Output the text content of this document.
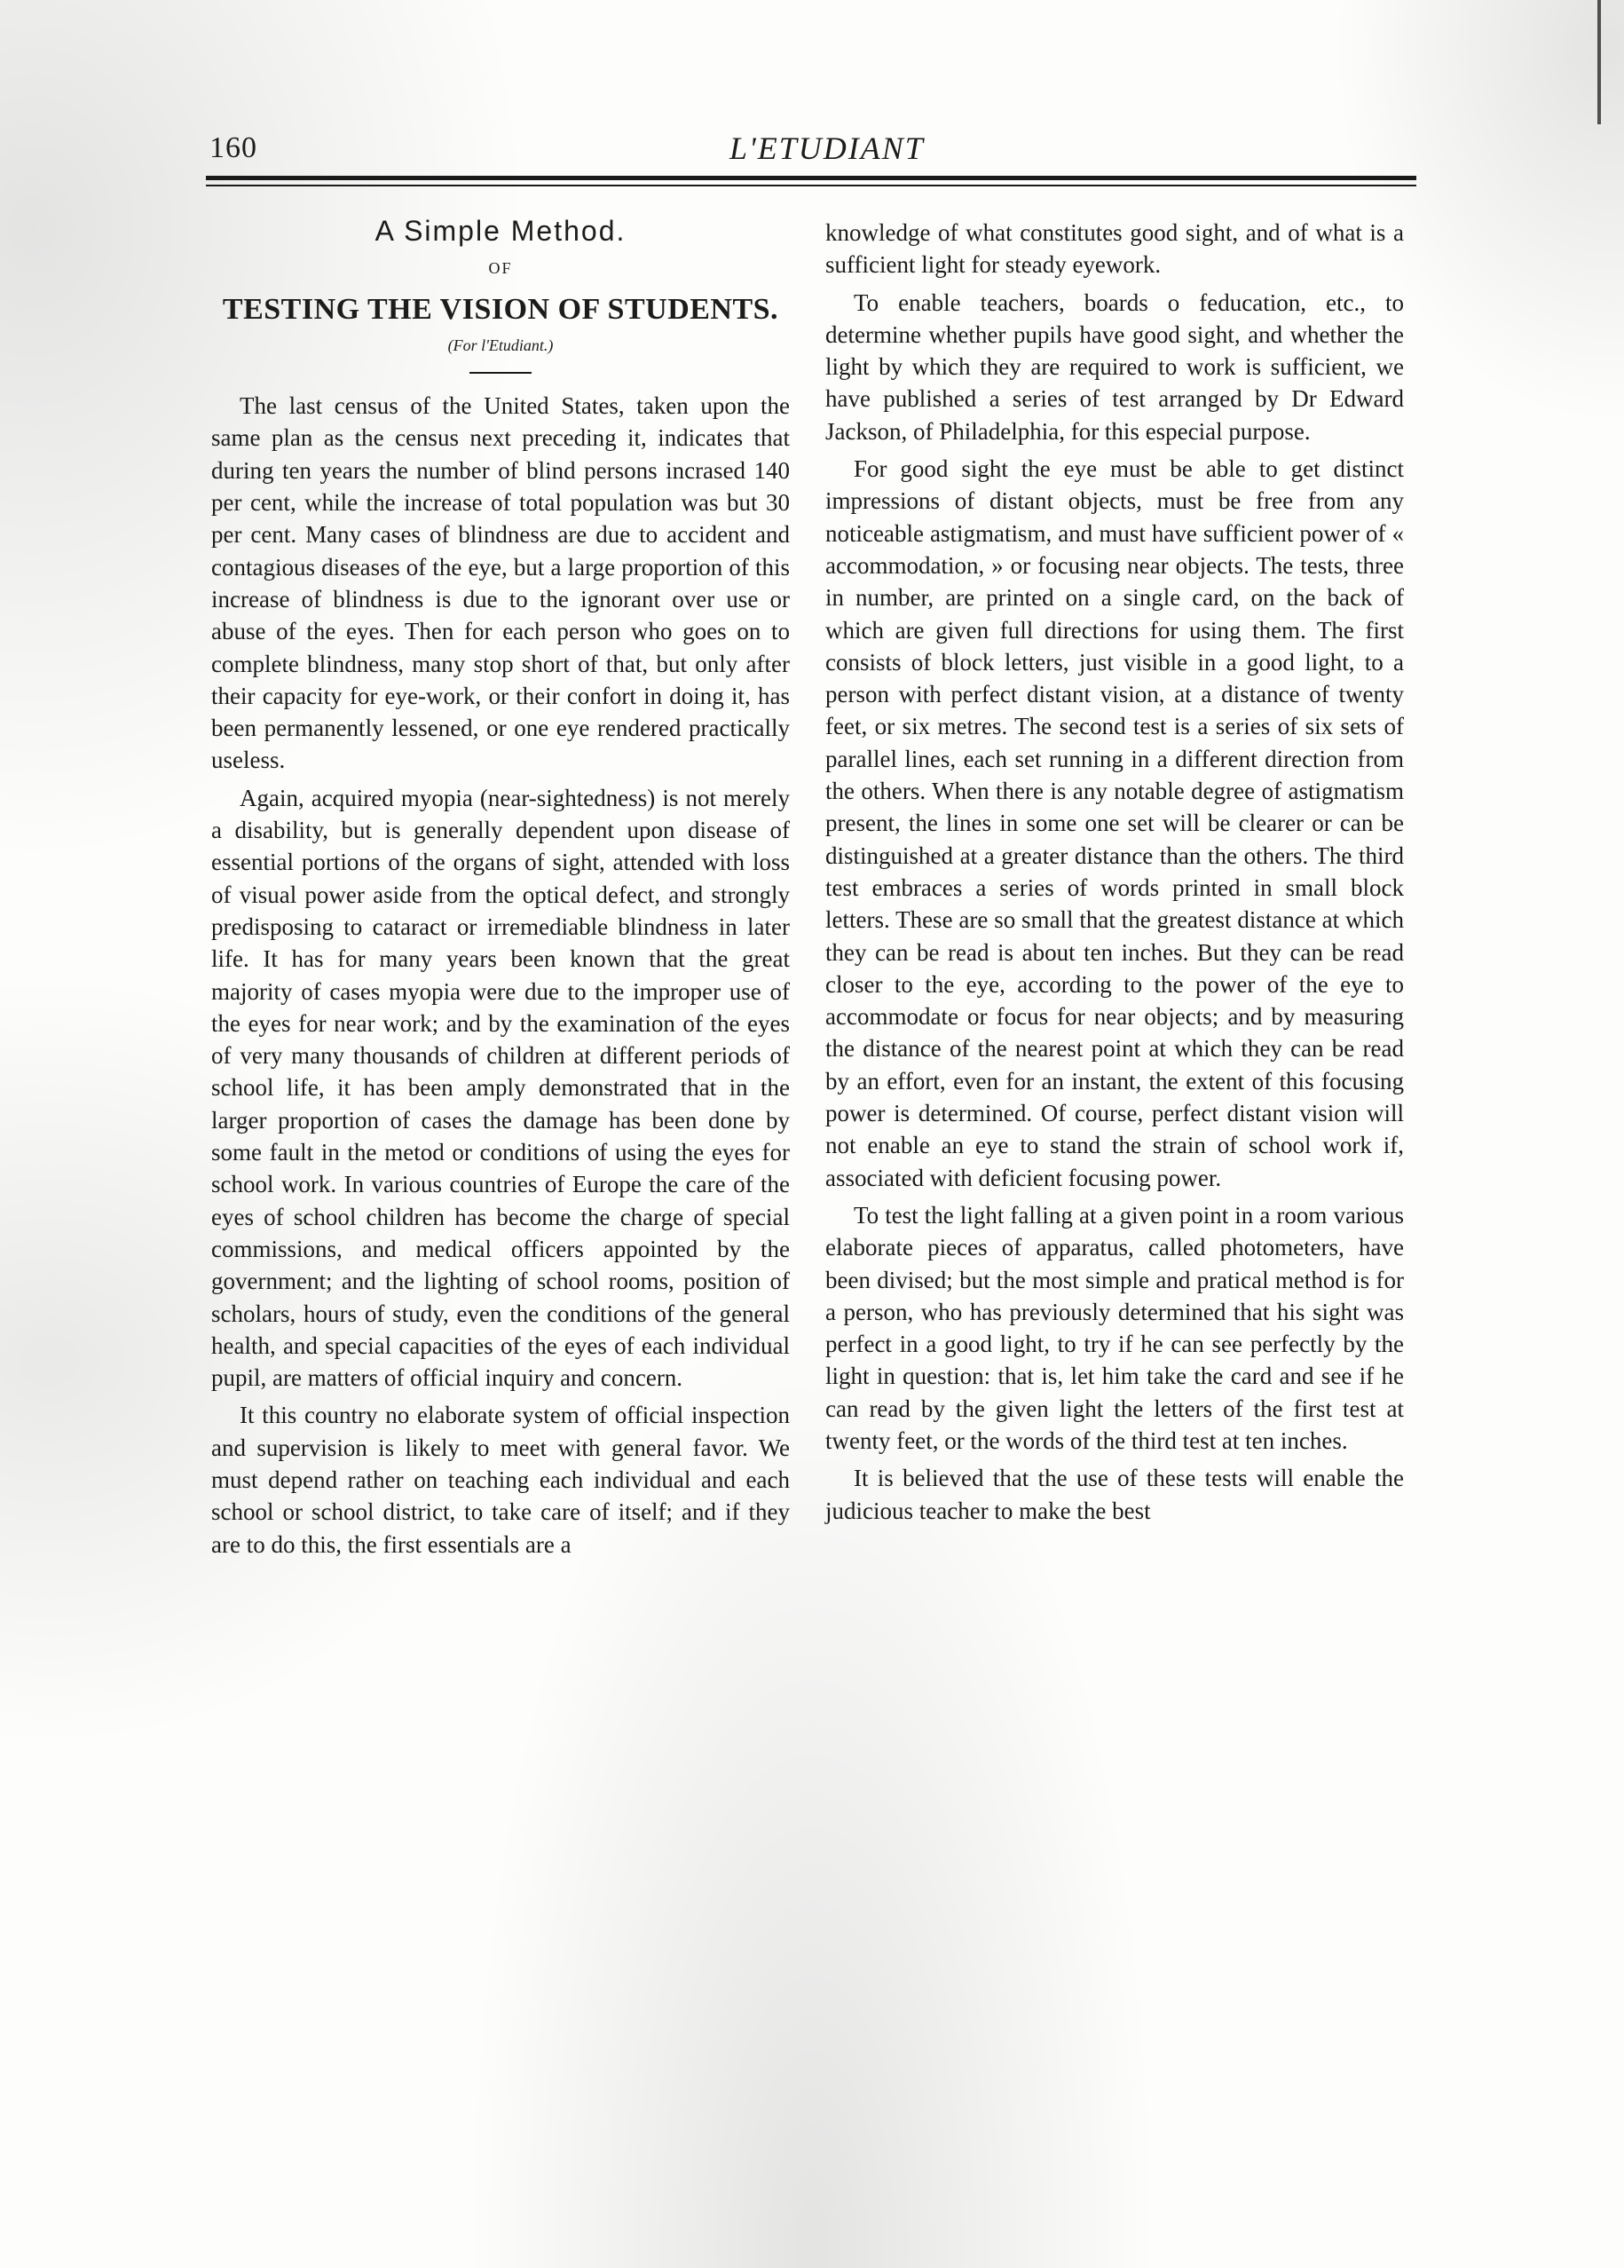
160	L'ETUDIANT
A Simple Method.
OF
TESTING THE VISION OF STUDENTS.
(For l'Etudiant.)

The last census of the United States, taken upon the same plan as the census next preceding it, indicates that during ten years the number of blind persons incrased 140 per cent, while the increase of total population was but 30 per cent. Many cases of blindness are due to accident and contagious diseases of the eye, but a large proportion of this increase of blindness is due to the ignorant over use or abuse of the eyes. Then for each person who goes on to complete blindness, many stop short of that, but only after their capacity for eye-work, or their confort in doing it, has been permanently lessened, or one eye rendered practically useless.

Again, acquired myopia (near-sightedness) is not merely a disability, but is generally dependent upon disease of essential portions of the organs of sight, attended with loss of visual power aside from the optical defect, and strongly predisposing to cataract or irremediable blindness in later life. It has for many years been known that the great majority of cases myopia were due to the improper use of the eyes for near work; and by the examination of the eyes of very many thousands of children at different periods of school life, it has been amply demonstrated that in the larger proportion of cases the damage has been done by some fault in the metod or conditions of using the eyes for school work. In various countries of Europe the care of the eyes of school children has become the charge of special commissions, and medical officers appointed by the government; and the lighting of school rooms, position of scholars, hours of study, even the conditions of the general health, and special capacities of the eyes of each individual pupil, are matters of official inquiry and concern.

It this country no elaborate system of official inspection and supervision is likely to meet with general favor. We must depend rather on teaching each individual and each school or school district, to take care of itself; and if they are to do this, the first essentials are a

knowledge of what constitutes good sight, and of what is a sufficient light for steady eyework.

To enable teachers, boards o feducation, etc., to determine whether pupils have good sight, and whether the light by which they are required to work is sufficient, we have published a series of test arranged by Dr Edward Jackson, of Philadelphia, for this especial purpose.

For good sight the eye must be able to get distinct impressions of distant objects, must be free from any noticeable astigmatism, and must have sufficient power of « accommodation, » or focusing near objects. The tests, three in number, are printed on a single card, on the back of which are given full directions for using them. The first consists of block letters, just visible in a good light, to a person with perfect distant vision, at a distance of twenty feet, or six metres. The second test is a series of six sets of parallel lines, each set running in a different direction from the others. When there is any notable degree of astigmatism present, the lines in some one set will be clearer or can be distinguished at a greater distance than the others. The third test embraces a series of words printed in small block letters. These are so small that the greatest distance at which they can be read is about ten inches. But they can be read closer to the eye, according to the power of the eye to accommodate or focus for near objects; and by measuring the distance of the nearest point at which they can be read by an effort, even for an instant, the extent of this focusing power is determined. Of course, perfect distant vision will not enable an eye to stand the strain of school work if, associated with deficient focusing power.

To test the light falling at a given point in a room various elaborate pieces of apparatus, called photometers, have been divised; but the most simple and pratical method is for a person, who has previously determined that his sight was perfect in a good light, to try if he can see perfectly by the light in question: that is, let him take the card and see if he can read by the given light the letters of the first test at twenty feet, or the words of the third test at ten inches.

It is believed that the use of these tests will enable the judicious teacher to make the best
